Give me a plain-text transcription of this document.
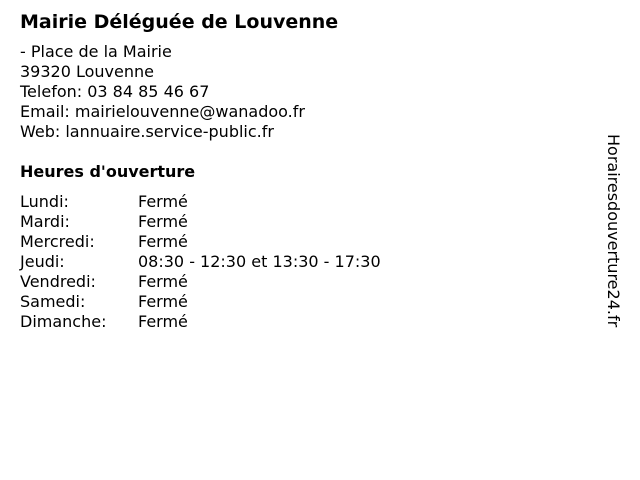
Mairie Déléguée de Louvenne
- Place de la Mairie
39320 Louvenne
Telefon: 03 84 85 46 67
Email: mairielouvenne@wanadoo.fr
Web: lannuaire.service-public.fr
Heures d'ouverture
Lundi:	Fermé
Mardi:	Fermé
Mercredi:	Fermé
Jeudi:	08:30 - 12:30 et 13:30 - 17:30
Vendredi:	Fermé
Samedi:	Fermé
Dimanche:	Fermé	Horairesdouverture24.fr
